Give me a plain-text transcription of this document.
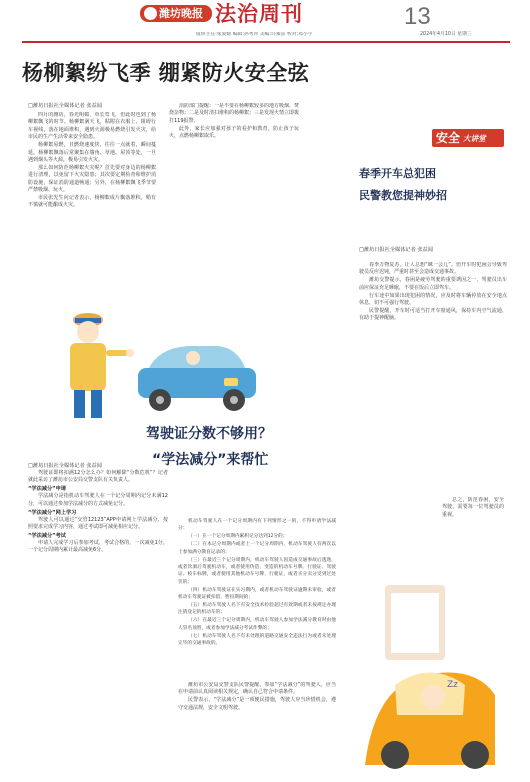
潍坊晚报 法治周刊	13
值班主任:张爱媛 编辑:孙秀青 美编:许素雷 校对:邓小宇	2024年4月10日 星期三
杨柳絮纷飞季 绷紧防火安全弦
□潍坊日报社全媒体记者 张益闻

四月的潍坊，春光明媚，草长莺飞，但此时也到了杨柳絮飘飞的时节。杨柳絮满天飞，粘附在衣服上，阻碍行车视线，落在地面堆积，遇到火源极易燃烧引发火灾，给市民的生产生活带来安全隐患。

杨柳絮易燃，且燃烧速度快，往往一点就着，瞬间蔓延。杨柳絮飘落后常聚集在墙角、草地、屋顶等处，一旦遇到烟头等火源，极易引发火灾。

那么如何防范杨柳絮火灾呢？首先要对身边的杨柳絮进行清理，以免留下火灾隐患；其次要定期检查和维护消防设施，保证消防通道畅通；另外，在杨柳絮飘飞季节要严禁吸烟、玩火。

市民张先生向记者表示，杨柳絮成片飘落堆积，稍有不慎就可能酿成火灾。

消防部门提醒：一是不要在杨柳絮较多的地方吸烟、焚烧杂物；二是及时清扫堆积的杨柳絮；三是发现火情立即拨打119报警。

此外，家长应加强对孩子的看护和教育，防止孩子玩火，点燃杨柳絮取乐。

驾驶证分数不够用？
“学法减分”来帮忙
安全 大讲堂
春季开车总犯困
民警教您提神妙招
□潍坊日报社全媒体记者 张益闻

春季万物复苏，让人总想“眯一会儿”。但开车时犯困会导致驾驶员反应迟钝，严重时甚至会造成交通事故。

潍坊交警提示，春困是疲劳驾驶的重要诱因之一，驾驶员出车前应保证充足睡眠，不要在饭后立即驾车。

行车途中如果出现犯困的情况，应及时将车辆停放在安全地点休息，切不可强行驾驶。

民警提醒，开车时可适当打开车窗通风，保持车内空气流通，有助于提神醒脑。

总之，防范春困，安全驾驶，需要每一位驾驶员的重视。

Zz
□潍坊日报社全媒体记者 张益闻

驾驶证即将扣满12分怎么办？如何解除“分数危机”？记者就此采访了潍坊市公安局交警支队有关负责人。

“学法减分”申请

学法减分是指机动车驾驶人在一个记分周期内记分未满12分，可以通过参加学法减分的方式减免记分。

“学法减分”网上学习

驾驶人可以通过“交管12123”APP申请网上学法减分，按照要求完成学习内容，通过考试即可减免相应记分。

“学法减分”考试

申请人完成学习后参加考试，考试合格的，一次减免1分，一个记分周期内累计最高减免6分。

机动车驾驶人在一个记分周期内有下列情形之一的，不得申请学法减分：

（一）在一个记分周期内累积记分达到12分的；

（二）在本记分周期内或者上一个记分周期内，机动车驾驶人有两次以上参加满分教育记录的；

（三）在最近三个记分周期内，机动车驾驶人因造成交通事故后逃逸，或者饮酒后驾驶机动车，或者使用伪造、变造的机动车号牌、行驶证、驾驶证、校车标牌，或者使用其他机动车号牌、行驶证，或者买分卖分受到过处罚的；

（四）机动车驾驶证在实习期内，或者机动车驾驶证逾期未审验，或者机动车驾驶证被扣留、暂扣期间的；

（五）机动车驾驶人名下有安全技术检验超过有效期或者未按规定办理注销登记的机动车的；

（六）在最近三个记分周期内，机动车驾驶人参加学法减分教育时由他人冒名顶替，或者参加学法减分考试作弊的；

（七）机动车驾驶人名下有未处理的道路交通安全违法行为或者未处理完毕的交通事故的。

潍坊市公安局交警支队民警提醒，参加“学法减分”的驾驶人，应当在申请前认真阅读相关规定，确认自己符合申请条件。

民警表示，“学法减分”是一项便民措施，驾驶人应当珍惜机会，遵守交通法规，安全文明驾驶。
